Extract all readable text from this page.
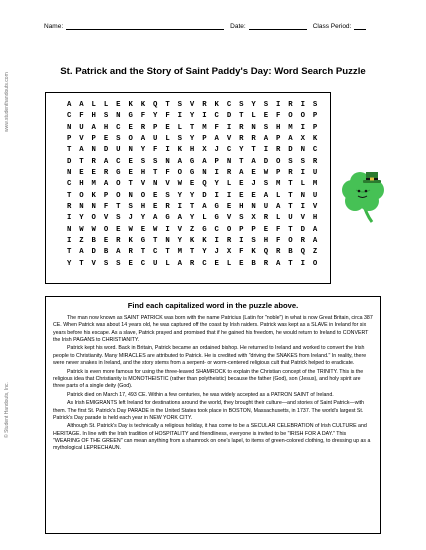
www.studenthandouts.com
© Student Handouts, Inc.
Name:	Date:	Class Period:
St. Patrick and the Story of Saint Paddy's Day: Word Search Puzzle
A	A	L	L	E	K	K	Q	T	S	V	R	K	C	S	Y	S	I	R	I	S
C	F	H	S	N	G	F	Y	F	I	Y	I	C	D	T	L	E	F	O	O	P
N	U	A	H	C	E	R	P	E	L	T	M	F	I	R	N	S	H	M	I	P
P	V	P	E	S	O	A	U	L	S	Y	P	A	V	R	R	A	P	A	X	K
T	A	N	D	U	N	Y	F	I	K	H	X	J	C	Y	T	I	R	D	N	C
D	T	R	A	C	E	S	S	N	A	G	A	P	N	T	A	D	O	S	S	R
N	E	E	R	G	E	H	T	F	O	G	N	I	R	A	E	W	P	R	I	U
C	H	M	A	O	T	V	N	V	W	E	Q	Y	L	E	J	S	M	T	L	M
T	O	K	P	O	N	O	E	S	Y	Y	D	I	I	E	E	A	L	T	N	U
R	N	N	F	T	S	H	E	R	I	T	A	G	E	H	N	U	A	T	I	V
I	Y	O	V	S	J	Y	A	G	A	Y	L	G	V	S	X	R	L	U	V	H
N	W	W	O	E	W	E	W	I	V	Z	G	C	O	P	P	E	F	T	D	A
I	Z	B	E	R	K	G	T	N	Y	K	K	I	R	I	S	H	F	O	R	A
T	A	D	B	A	R	T	C	T	M	T	Y	J	X	F	K	Q	R	B	Q	Z
Y	T	V	S	S	E	C	U	L	A	R	C	E	L	E	B	R	A	T	I	O
Find each capitalized word in the puzzle above.

The man now known as SAINT PATRICK was born with the name Patricius (Latin for "noble") in what is now Great Britain, circa 387 CE. When Patrick was about 14 years old, he was captured off the coast by Irish raiders. Patrick was kept as a SLAVE in Ireland for six years before his escape. As a slave, Patrick prayed and promised that if he gained his freedom, he would return to Ireland to CONVERT the Irish PAGANS to CHRISTIANITY.

Patrick kept his word. Back in Britain, Patrick became an ordained bishop. He returned to Ireland and worked to convert the Irish people to Christianity. Many MIRACLES are attributed to Patrick. He is credited with "driving the SNAKES from Ireland." In reality, there were never snakes in Ireland, and the story stems from a serpent- or worm-centered religious cult that Patrick helped to eradicate.

Patrick is even more famous for using the three-leaved SHAMROCK to explain the Christian concept of the TRINITY. This is the religious idea that Christianity is MONOTHEISTIC (rather than polytheistic) because the father (God), son (Jesus), and holy spirit are three parts of a single deity (God).

Patrick died on March 17, 493 CE. Within a few centuries, he was widely accepted as a PATRON SAINT of Ireland.

As Irish EMIGRANTS left Ireland for destinations around the world, they brought their culture—and stories of Saint Patrick—with them. The first St. Patrick's Day PARADE in the United States took place in BOSTON, Massachusetts, in 1737. The world's largest St. Patrick's Day parade is held each year in NEW YORK CITY.

Although St. Patrick's Day is technically a religious holiday, it has come to be a SECULAR CELEBRATION of Irish CULTURE and HERITAGE. In line with the Irish tradition of HOSPITALITY and friendliness, everyone is invited to be "IRISH FOR A DAY." This "WEARING OF THE GREEN" can mean anything from a shamrock on one's lapel, to items of green-colored clothing, to dressing up as a mythological LEPRECHAUN.
